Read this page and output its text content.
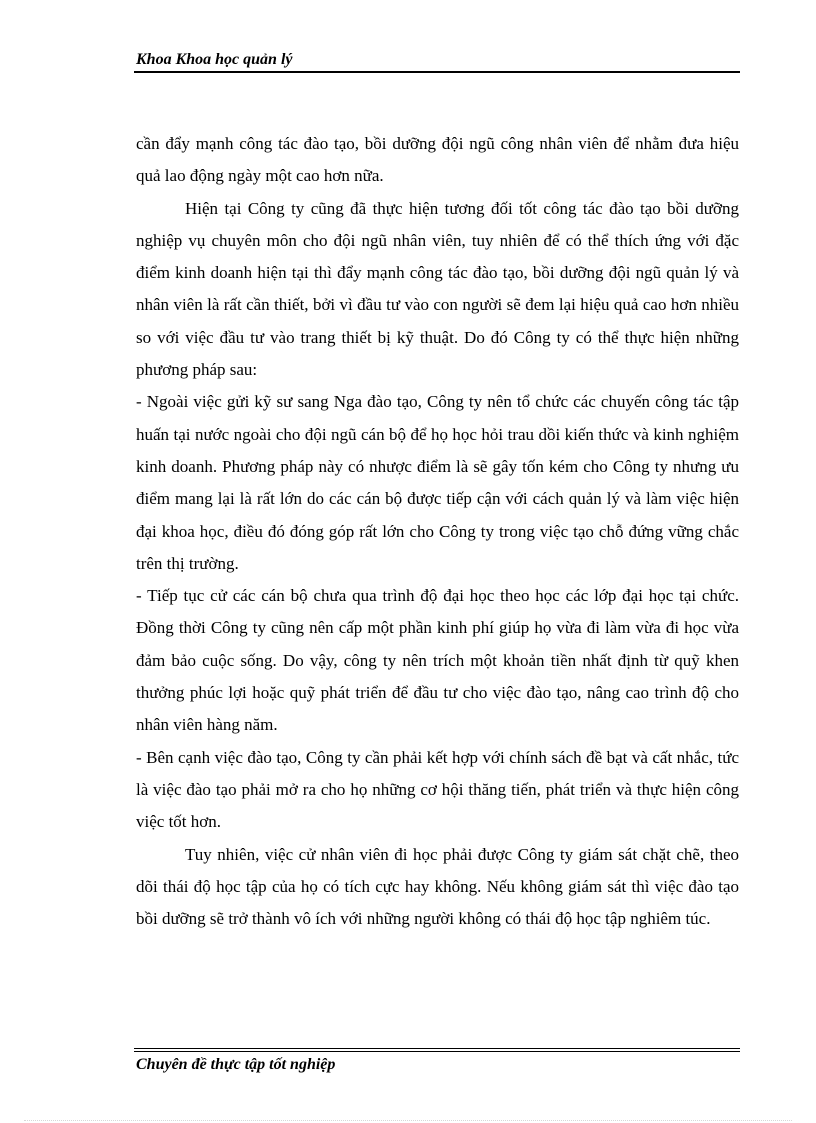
Khoa Khoa học quản lý

cần đẩy mạnh công tác đào tạo, bồi dưỡng đội ngũ công nhân viên để nhằm đưa hiệu quả lao động ngày một cao hơn nữa.

Hiện tại Công ty cũng đã thực hiện tương đối tốt công tác đào tạo bồi dưỡng nghiệp vụ chuyên môn cho đội ngũ nhân viên, tuy nhiên để có thể thích ứng với đặc điểm kinh doanh hiện tại thì đẩy mạnh công tác đào tạo, bồi dưỡng đội ngũ quản lý và nhân viên là rất cần thiết, bởi vì đầu tư vào con người sẽ đem lại hiệu quả cao hơn nhiều so với việc đầu tư vào trang thiết bị kỹ thuật. Do đó Công ty có thể thực hiện những phương pháp sau:

- Ngoài việc gửi kỹ sư sang Nga đào tạo, Công ty nên tổ chức các chuyến công tác tập huấn tại nước ngoài cho đội ngũ cán bộ để họ học hỏi trau dồi kiến thức và kinh nghiệm kinh doanh. Phương pháp này có nhược điểm là sẽ gây tốn kém cho Công ty nhưng ưu điểm mang lại là rất lớn do các cán bộ được tiếp cận với cách quản lý và làm việc hiện đại khoa học, điều đó đóng góp rất lớn cho Công ty trong việc tạo chỗ đứng vững chắc trên thị trường.

- Tiếp tục cử các cán bộ chưa qua trình độ đại học theo học các lớp đại học tại chức. Đồng thời Công ty cũng nên cấp một phần kinh phí giúp họ vừa đi làm vừa đi học vừa đảm bảo cuộc sống. Do vậy, công ty nên trích một khoản tiền nhất định từ quỹ khen thưởng phúc lợi hoặc quỹ phát triển để đầu tư cho việc đào tạo, nâng cao trình độ cho nhân viên hàng năm.

- Bên cạnh việc đào tạo, Công ty cần phải kết hợp với chính sách đề bạt và cất nhắc, tức là việc đào tạo phải mở ra cho họ những cơ hội thăng tiến, phát triển và thực hiện công việc tốt hơn.

Tuy nhiên, việc cử nhân viên đi học phải được Công ty giám sát chặt chẽ, theo dõi thái độ học tập của họ có tích cực hay không. Nếu không giám sát thì việc đào tạo bồi dưỡng sẽ trở thành vô ích với những người không có thái độ học tập nghiêm túc.

Chuyên đề thực tập tốt nghiệp
